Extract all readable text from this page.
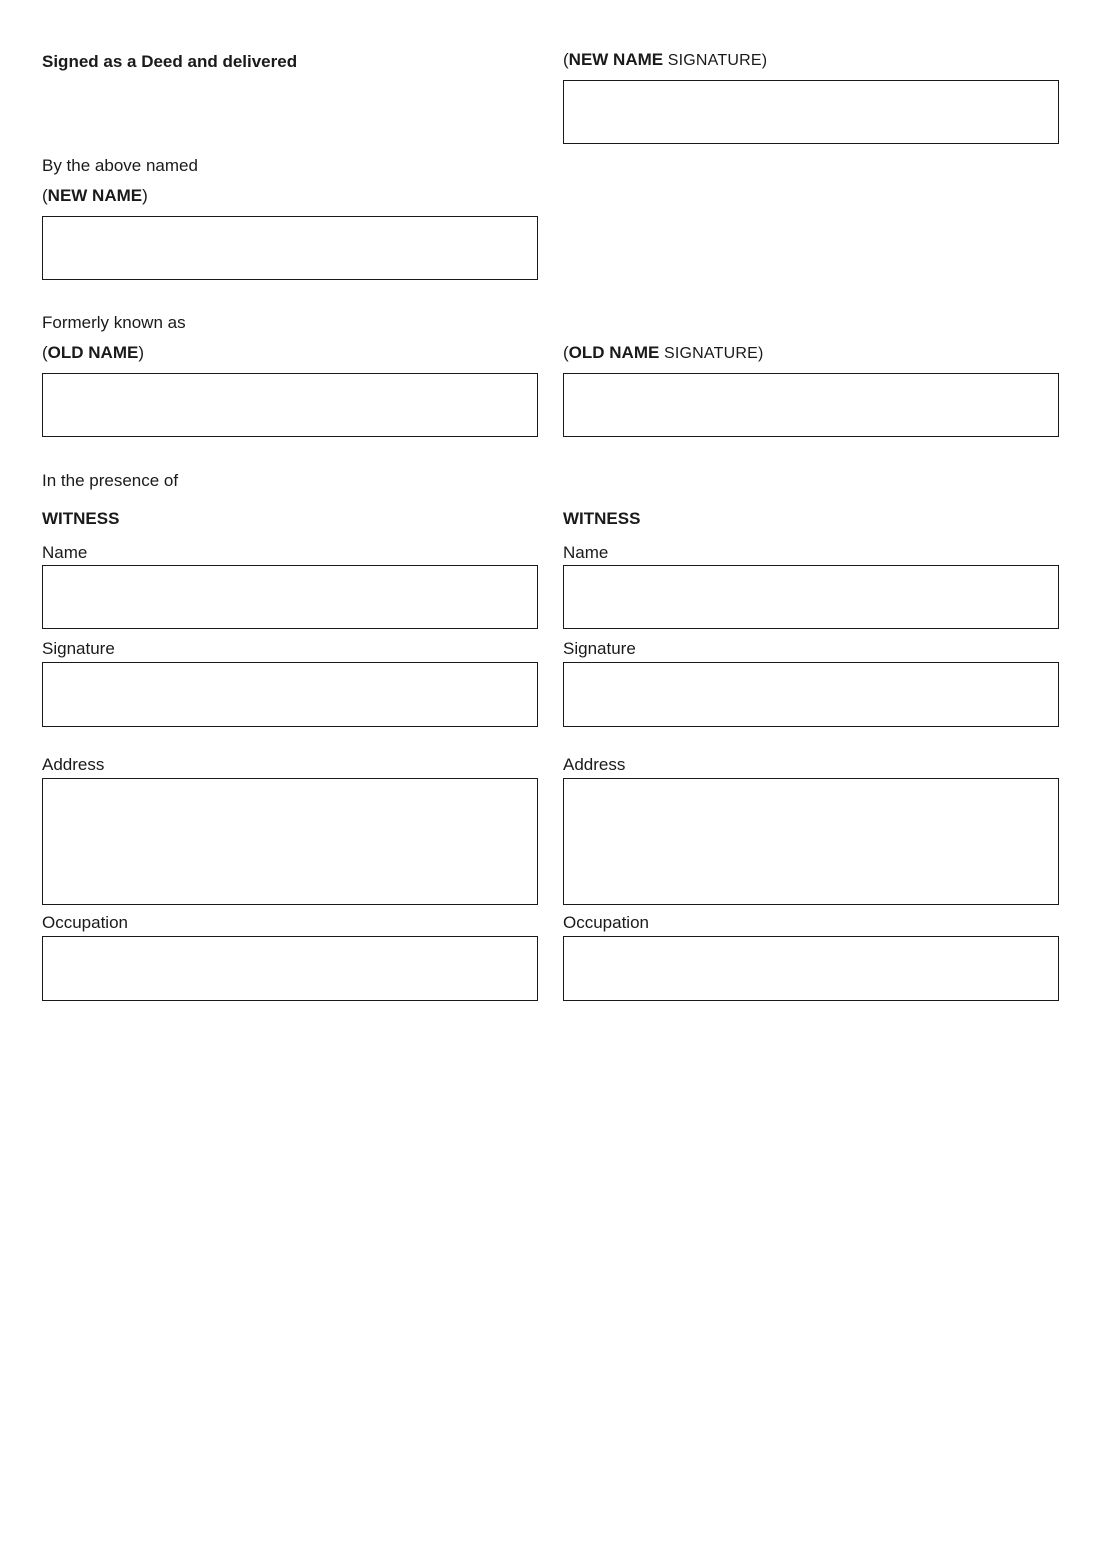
Signed as a Deed and delivered	(NEW NAME SIGNATURE)
By the above named
(NEW NAME)
Formerly known as
(OLD NAME)	(OLD NAME SIGNATURE)
In the presence of
WITNESS
Name
Signature
Address
Occupation
WITNESS
Name
Signature
Address
Occupation
